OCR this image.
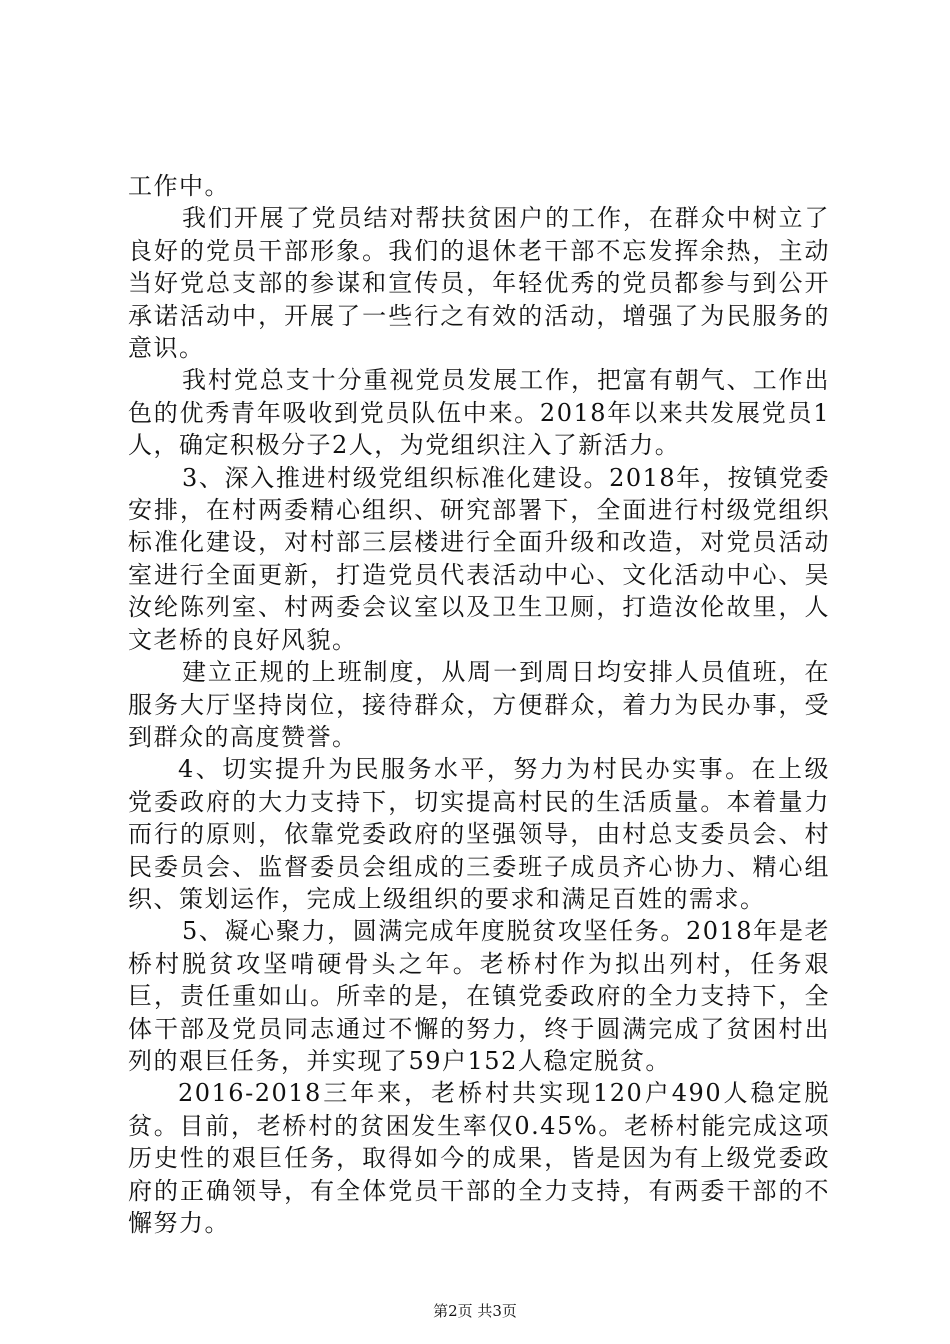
工作中。

我们开展了党员结对帮扶贫困户的工作，在群众中树立了良好的党员干部形象。我们的退休老干部不忘发挥余热，主动当好党总支部的参谋和宣传员，年轻优秀的党员都参与到公开承诺活动中，开展了一些行之有效的活动，增强了为民服务的意识。

我村党总支十分重视党员发展工作，把富有朝气、工作出色的优秀青年吸收到党员队伍中来。2018年以来共发展党员1人，确定积极分子2人，为党组织注入了新活力。

3、深入推进村级党组织标准化建设。2018年，按镇党委安排，在村两委精心组织、研究部署下，全面进行村级党组织标准化建设，对村部三层楼进行全面升级和改造，对党员活动室进行全面更新，打造党员代表活动中心、文化活动中心、吴汝纶陈列室、村两委会议室以及卫生卫厕，打造汝伦故里，人文老桥的良好风貌。

建立正规的上班制度，从周一到周日均安排人员值班，在服务大厅坚持岗位，接待群众，方便群众，着力为民办事，受到群众的高度赞誉。

4、切实提升为民服务水平，努力为村民办实事。在上级党委政府的大力支持下，切实提高村民的生活质量。本着量力而行的原则，依靠党委政府的坚强领导，由村总支委员会、村民委员会、监督委员会组成的三委班子成员齐心协力、精心组织、策划运作，完成上级组织的要求和满足百姓的需求。

5、凝心聚力，圆满完成年度脱贫攻坚任务。2018年是老桥村脱贫攻坚啃硬骨头之年。老桥村作为拟出列村，任务艰巨，责任重如山。所幸的是，在镇党委政府的全力支持下，全体干部及党员同志通过不懈的努力，终于圆满完成了贫困村出列的艰巨任务，并实现了59户152人稳定脱贫。

2016-2018三年来，老桥村共实现120户490人稳定脱贫。目前，老桥村的贫困发生率仅0.45%。老桥村能完成这项历史性的艰巨任务，取得如今的成果，皆是因为有上级党委政府的正确领导，有全体党员干部的全力支持，有两委干部的不懈努力。

第2页 共3页
